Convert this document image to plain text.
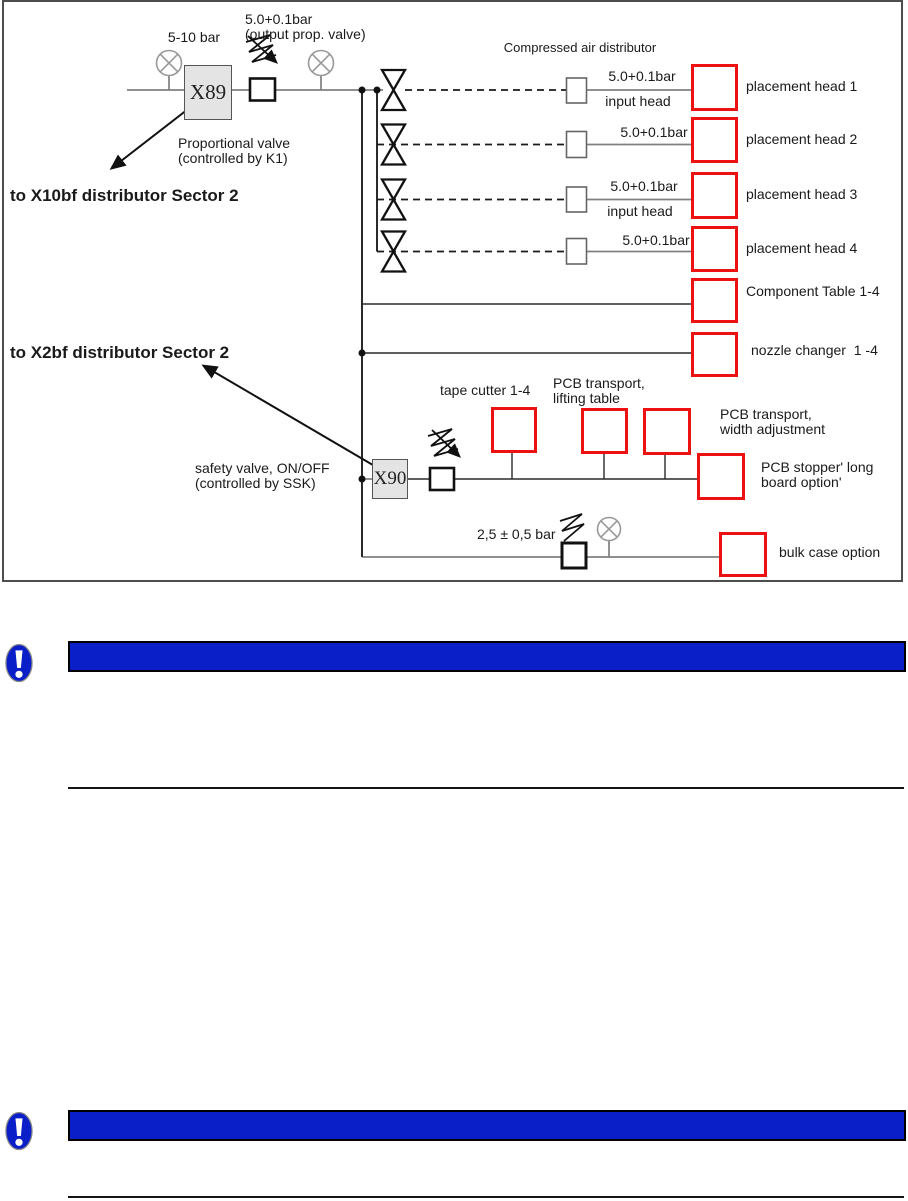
X89
X90
5-10 bar
5.0+0.1bar
(output prop. valve)
Compressed air distributor
Proportional valve
(controlled by K1)
to X10bf distributor Sector 2
5.0+0.1bar
input head
5.0+0.1bar
5.0+0.1bar
input head
5.0+0.1bar
placement head 1
placement head 2
placement head 3
placement head 4
Component Table 1-4
nozzle changer  1 -4
to X2bf distributor Sector 2
safety valve, ON/OFF
(controlled by SSK)
tape cutter 1-4 PCB transport,
lifting table
PCB transport,
width adjustment
PCB stopper' long
board option'
2,5 ± 0,5 bar
bulk case option
